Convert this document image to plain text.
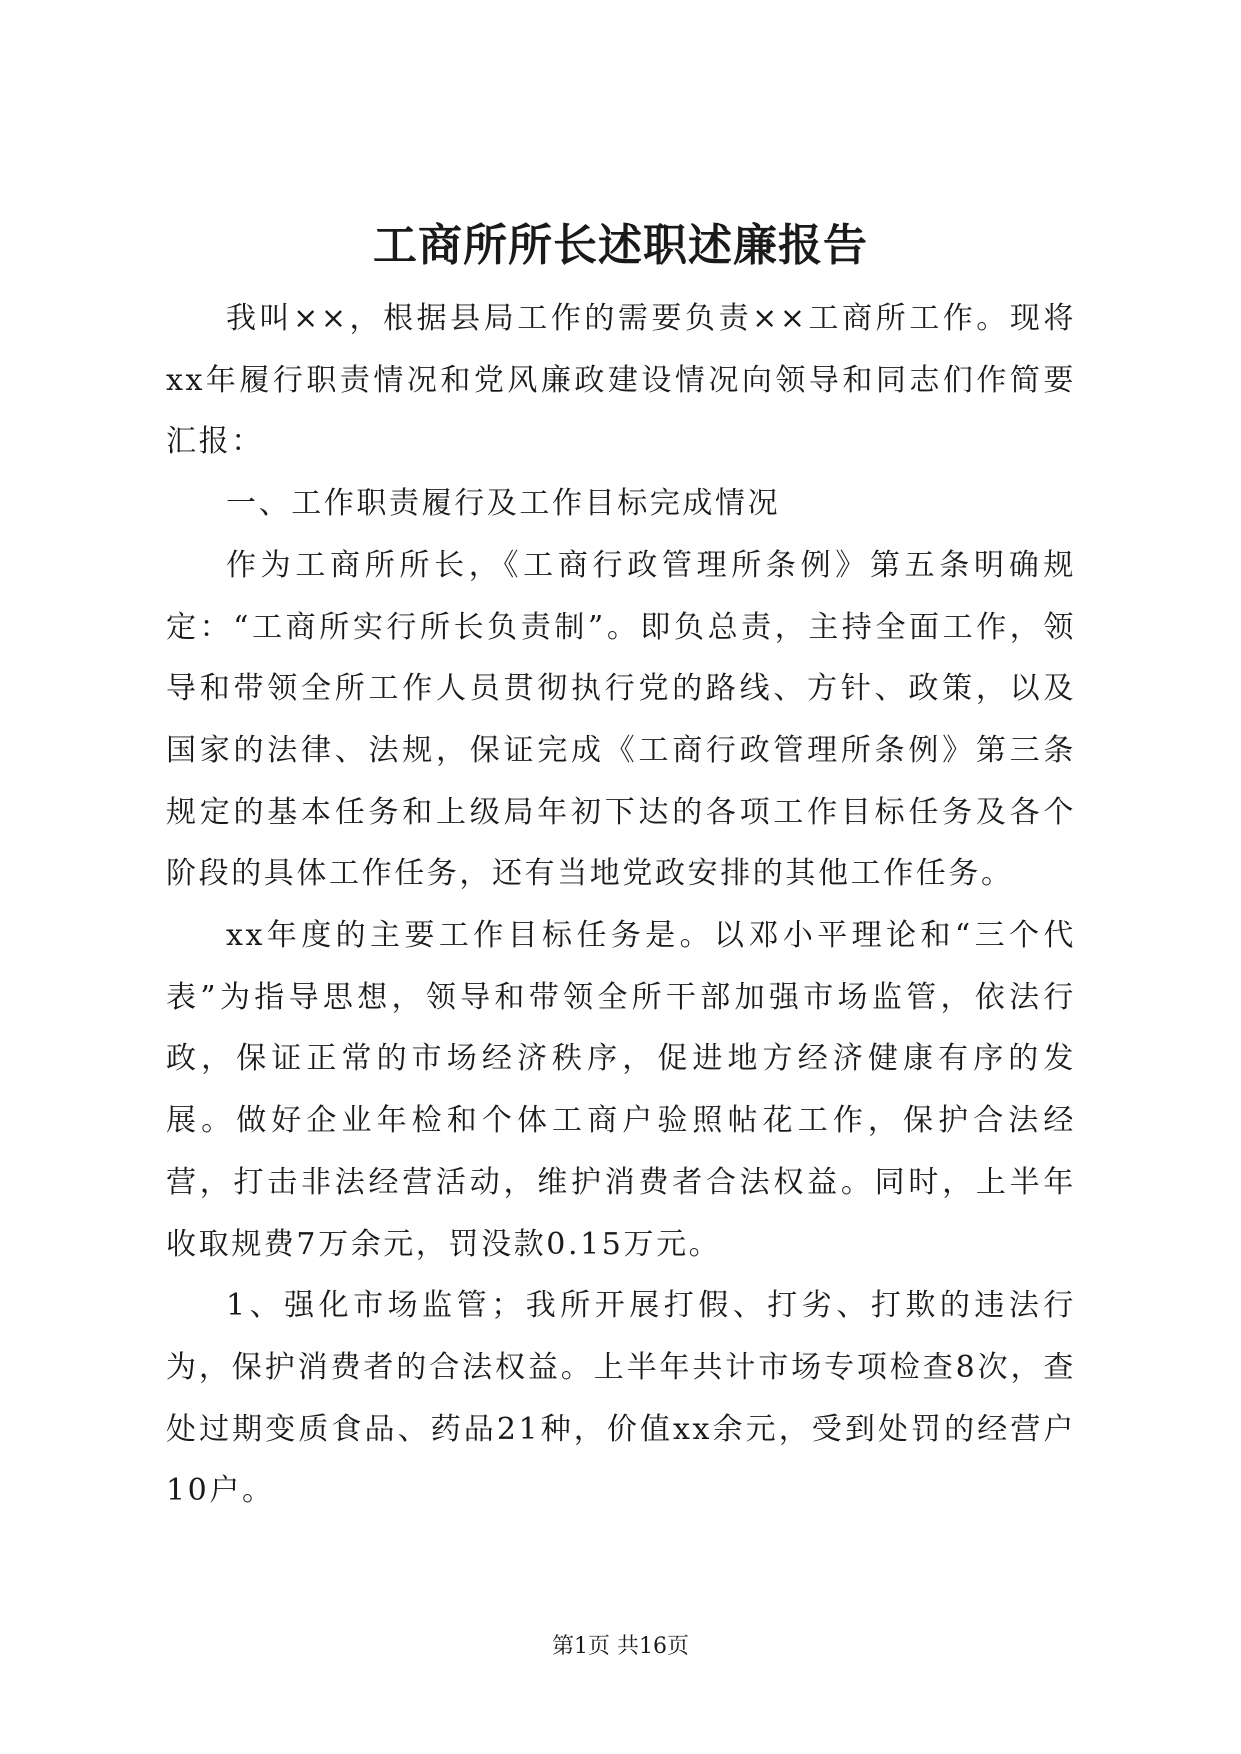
工商所所长述职述廉报告

我叫××，根据县局工作的需要负责××工商所工作。现将xx年履行职责情况和党风廉政建设情况向领导和同志们作简要汇报：

一、工作职责履行及工作目标完成情况

作为工商所所长，《工商行政管理所条例》第五条明确规定：“工商所实行所长负责制”。即负总责，主持全面工作，领导和带领全所工作人员贯彻执行党的路线、方针、政策，以及国家的法律、法规，保证完成《工商行政管理所条例》第三条规定的基本任务和上级局年初下达的各项工作目标任务及各个阶段的具体工作任务，还有当地党政安排的其他工作任务。

xx年度的主要工作目标任务是。以邓小平理论和“三个代表”为指导思想，领导和带领全所干部加强市场监管，依法行政，保证正常的市场经济秩序，促进地方经济健康有序的发展。做好企业年检和个体工商户验照帖花工作，保护合法经营，打击非法经营活动，维护消费者合法权益。同时，上半年收取规费7万余元，罚没款0.15万元。

1、强化市场监管；我所开展打假、打劣、打欺的违法行为，保护消费者的合法权益。上半年共计市场专项检查8次，查处过期变质食品、药品21种，价值xx余元，受到处罚的经营户10户。

第1页 共16页
